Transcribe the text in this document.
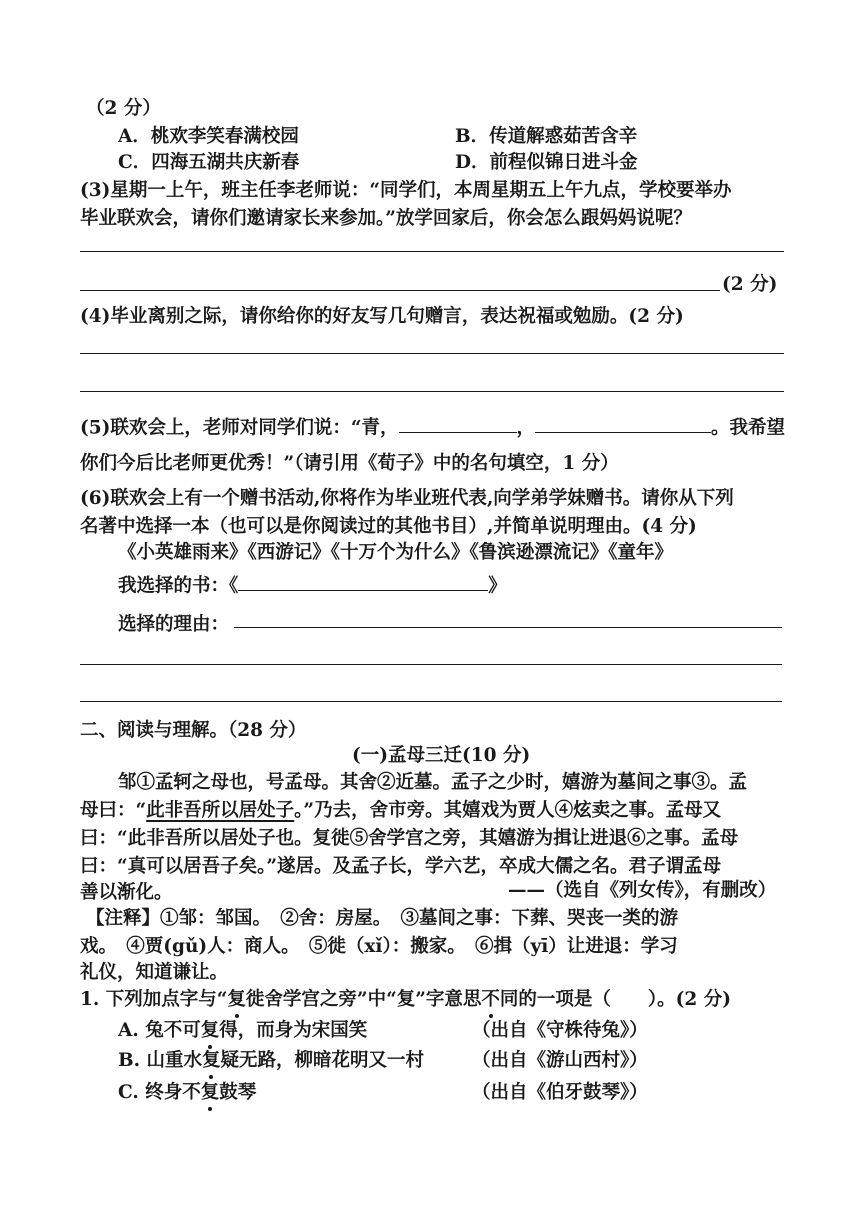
（2 分）
A．桃欢李笑春满校园	B．传道解惑茹苦含辛
C．四海五湖共庆新春	D．前程似锦日进斗金
(3)星期一上午，班主任李老师说：“同学们，本周星期五上午九点，学校要举办
毕业联欢会，请你们邀请家长来参加。”放学回家后，你会怎么跟妈妈说呢？
(2 分)
(4)毕业离别之际，请你给你的好友写几句赠言，表达祝福或勉励。(2 分)
(5)联欢会上，老师对同学们说：“青，	，	。我希望
你们今后比老师更优秀！”（请引用《荀子》中的名句填空，1 分）
(6)联欢会上有一个赠书活动,你将作为毕业班代表,向学弟学妹赠书。请你从下列
名著中选择一本（也可以是你阅读过的其他书目）,并简单说明理由。(4 分)
《小英雄雨来》《西游记》《十万个为什么》《鲁滨逊漂流记》《童年》
我选择的书：《	》
选择的理由：
二、阅读与理解。（28 分）
(一)孟母三迁(10 分)
邹①孟轲之母也，号孟母。其舍②近墓。孟子之少时，嬉游为墓间之事③。孟
母曰：“此非吾所以居处子。”乃去，舍市旁。其嬉戏为贾人④炫卖之事。孟母又
曰：“此非吾所以居处子也。复徙⑤舍学宫之旁，其嬉游为揖让进退⑥之事。孟母
曰：“真可以居吾子矣。”遂居。及孟子长，学六艺，卒成大儒之名。君子谓孟母
善以渐化。	——（选自《列女传》，有删改）
【注释】①邹：邹国。　②舍：房屋。　③墓间之事：下葬、哭丧一类的游
戏。　④贾(gǔ)人：商人。　⑤徙（xǐ）：搬家。　⑥揖（yī）让进退：学习
礼仪，知道谦让。
1. 下列加点字与“复徙舍学宫之旁”中“复”字意思不同的一项是（　　）。(2 分)
A. 兔不可复得，而身为宋国笑	（出自《守株待兔》）
B. 山重水复疑无路，柳暗花明又一村	（出自《游山西村》）
C. 终身不复鼓琴	（出自《伯牙鼓琴》）
